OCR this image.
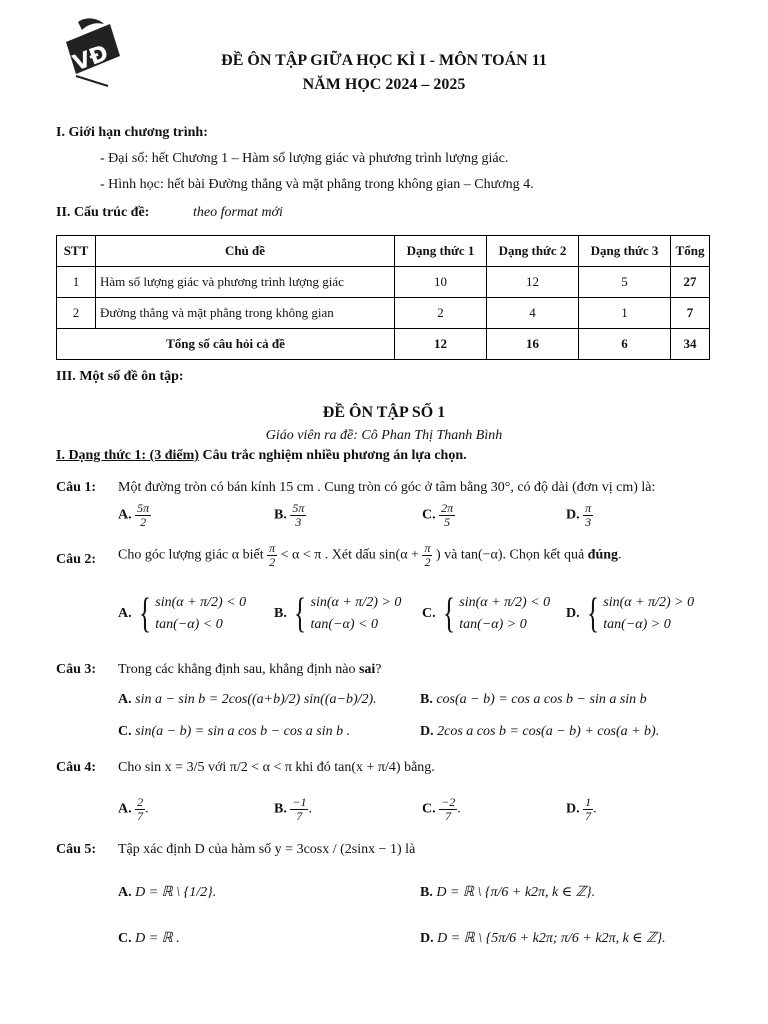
VĐ	ĐỀ ÔN TẬP GIỮA HỌC KÌ I - MÔN TOÁN 11
NĂM HỌC 2024 – 2025
I. Giới hạn chương trình:
- Đại số: hết Chương 1 – Hàm số lượng giác và phương trình lượng giác.
- Hình học: hết bài Đường thẳng và mặt phẳng trong không gian – Chương 4.
II. Cấu trúc đề:	theo format mới
STT	Chủ đề	Dạng thức 1	Dạng thức 2	Dạng thức 3	Tổng
1	Hàm số lượng giác và phương trình lượng giác	10	12	5	27
2	Đường thẳng và mặt phẳng trong không gian	2	4	1	7
Tổng số câu hỏi cả đề		12	16	6	34
III. Một số đề ôn tập:
ĐỀ ÔN TẬP SỐ 1
Giáo viên ra đề: Cô Phan Thị Thanh Bình
I. Dạng thức 1: (3 điểm) Câu trắc nghiệm nhiều phương án lựa chọn.
Câu 1: Một đường tròn có bán kính 15 cm . Cung tròn có góc ở tâm bằng 30°, có độ dài (đơn vị cm) là:
A. $\frac{5\pi}{2}$	B. $\frac{5\pi}{3}$	C. $\frac{2\pi}{5}$	D. $\frac{\pi}{3}$
Câu 2: Cho góc lượng giác α biết $\frac{\pi}{2} < \alpha < \pi$ . Xét dấu $\sin(\alpha + \frac{\pi}{2}$ ) và tan(−α). Chọn kết quả đúng.
A. { sin(α + π/2) < 0
tan(−α) < 0
B. { sin(α + π/2) > 0
tan(−α) < 0
C. { sin(α + π/2) < 0
tan(−α) > 0
D. { sin(α + π/2) > 0
tan(−α) > 0
Câu 3: Trong các khẳng định sau, khẳng định nào sai?
A. sin a − sin b = 2cos((a+b)/2) sin((a−b)/2).	B. cos(a − b) = cos a cos b − sin a sin b
C. sin(a − b) = sin a cos b − cos a sin b .	D. 2cos a cos b = cos(a − b) + cos(a + b).
Câu 4: Cho sin x = 3/5 với π/2 < α < π khi đó tan(x + π/4) bằng.
A. $\frac{2}{7}$ .	B. $\frac{-1}{7}$ .	C. $\frac{-2}{7}$ .	D. $\frac{1}{7}$ .
Câu 5: Tập xác định D của hàm số y = 3cosx / (2sinx − 1) là
A. D = ℝ \ {1/2}.	B. D = ℝ \ {π/6 + k2π, k ∈ ℤ}.
C. D = ℝ .	D. D = ℝ \ {5π/6 + k2π; π/6 + k2π, k ∈ ℤ}.
